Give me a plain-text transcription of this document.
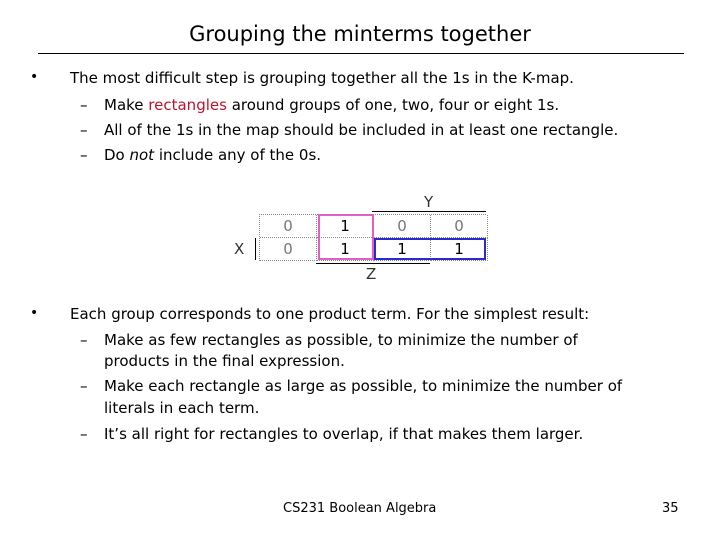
Grouping the minterms together
• The most difficult step is grouping together all the 1s in the K-map.
– Make rectangles around groups of one, two, four or eight 1s.
– All of the 1s in the map should be included in at least one rectangle.
– Do not include any of the 0s.
Y
X
0	1	0	0
0	1	1	1
Z
• Each group corresponds to one product term. For the simplest result:
– Make as few rectangles as possible, to minimize the number of
products in the final expression.
– Make each rectangle as large as possible, to minimize the number of
literals in each term.
– It’s all right for rectangles to overlap, if that makes them larger.
CS231 Boolean Algebra	35
